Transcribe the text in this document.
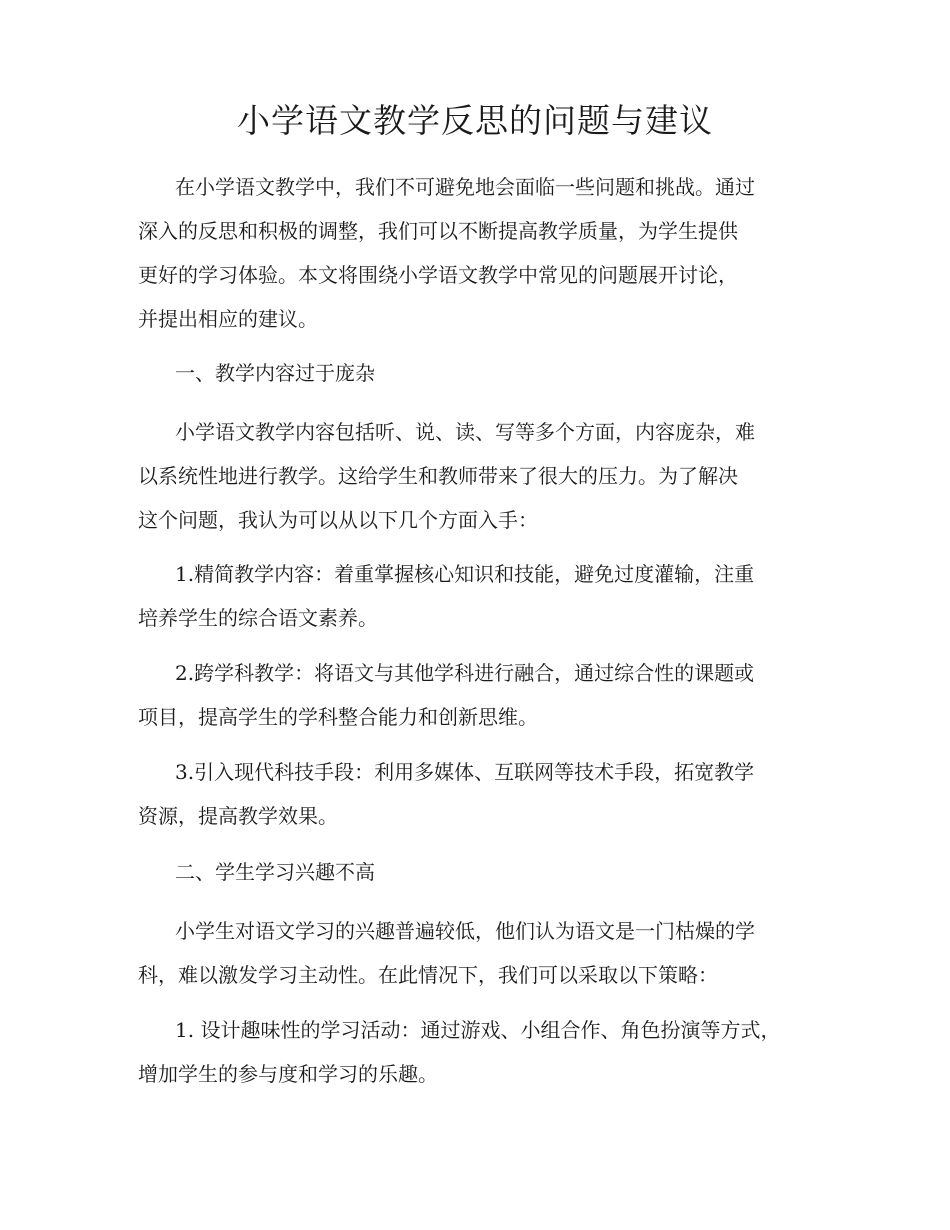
小学语文教学反思的问题与建议
在小学语文教学中，我们不可避免地会面临一些问题和挑战。通过
深入的反思和积极的调整，我们可以不断提高教学质量，为学生提供
更好的学习体验。本文将围绕小学语文教学中常见的问题展开讨论，
并提出相应的建议。
一、教学内容过于庞杂
小学语文教学内容包括听、说、读、写等多个方面，内容庞杂，难
以系统性地进行教学。这给学生和教师带来了很大的压力。为了解决
这个问题，我认为可以从以下几个方面入手：
1.精简教学内容：着重掌握核心知识和技能，避免过度灌输，注重
培养学生的综合语文素养。
2.跨学科教学：将语文与其他学科进行融合，通过综合性的课题或
项目，提高学生的学科整合能力和创新思维。
3.引入现代科技手段：利用多媒体、互联网等技术手段，拓宽教学
资源，提高教学效果。
二、学生学习兴趣不高
小学生对语文学习的兴趣普遍较低，他们认为语文是一门枯燥的学
科，难以激发学习主动性。在此情况下，我们可以采取以下策略：
1. 设计趣味性的学习活动：通过游戏、小组合作、角色扮演等方式，
增加学生的参与度和学习的乐趣。
